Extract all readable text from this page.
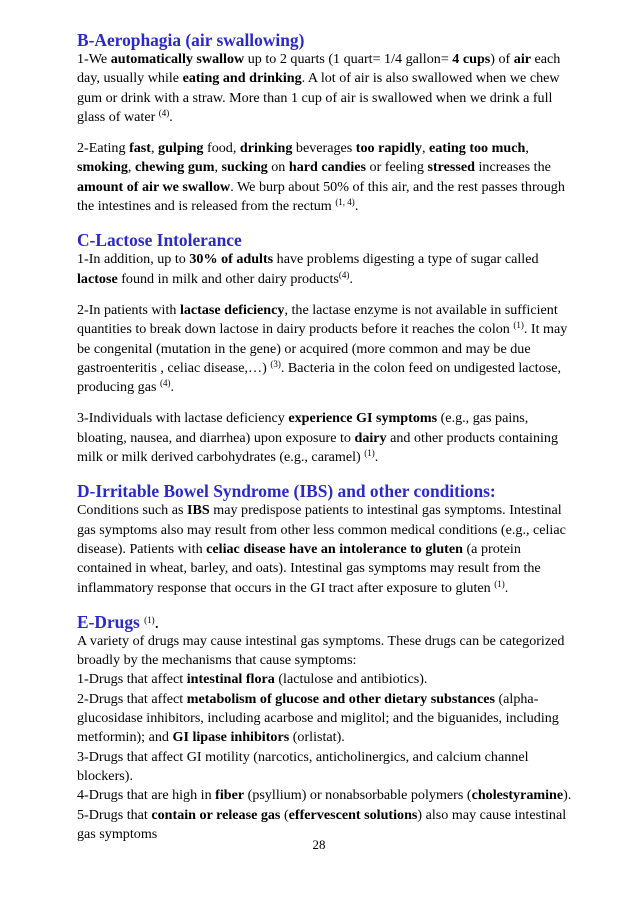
B-Aerophagia (air swallowing)

1-We automatically swallow up to 2 quarts (1 quart= 1/4 gallon= 4 cups) of air each day, usually while eating and drinking. A lot of air is also swallowed when we chew gum or drink with a straw. More than 1 cup of air is swallowed when we drink a full glass of water $^{(4)}$.

2-Eating fast, gulping food, drinking beverages too rapidly, eating too much, smoking, chewing gum, sucking on hard candies or feeling stressed increases the amount of air we swallow. We burp about 50% of this air, and the rest passes through the intestines and is released from the rectum $^{(1, 4)}$.

C-Lactose Intolerance

1-In addition, up to 30% of adults have problems digesting a type of sugar called lactose found in milk and other dairy products$^{(4)}$.

2-In patients with lactase deficiency, the lactase enzyme is not available in sufficient quantities to break down lactose in dairy products before it reaches the colon $^{(1)}$. It may be congenital (mutation in the gene) or acquired (more common and may be due gastroenteritis , celiac disease,…) $^{(3)}$. Bacteria in the colon feed on undigested lactose, producing gas $^{(4)}$.

3-Individuals with lactase deficiency experience GI symptoms (e.g., gas pains, bloating, nausea, and diarrhea) upon exposure to dairy and other products containing milk or milk derived carbohydrates (e.g., caramel) $^{(1)}$.

D-Irritable Bowel Syndrome (IBS) and other conditions:

Conditions such as IBS may predispose patients to intestinal gas symptoms. Intestinal gas symptoms also may result from other less common medical conditions (e.g., celiac disease). Patients with celiac disease have an intolerance to gluten (a protein contained in wheat, barley, and oats). Intestinal gas symptoms may result from the inflammatory response that occurs in the GI tract after exposure to gluten $^{(1)}$.

E-Drugs $^{(1)}$.

A variety of drugs may cause intestinal gas symptoms. These drugs can be categorized broadly by the mechanisms that cause symptoms:

1-Drugs that affect intestinal flora (lactulose and antibiotics).

2-Drugs that affect metabolism of glucose and other dietary substances (alpha-glucosidase inhibitors, including acarbose and miglitol; and the biguanides, including metformin); and GI lipase inhibitors (orlistat).

3-Drugs that affect GI motility (narcotics, anticholinergics, and calcium channel blockers).

4-Drugs that are high in fiber (psyllium) or nonabsorbable polymers (cholestyramine).

5-Drugs that contain or release gas (effervescent solutions) also may cause intestinal gas symptoms

28
